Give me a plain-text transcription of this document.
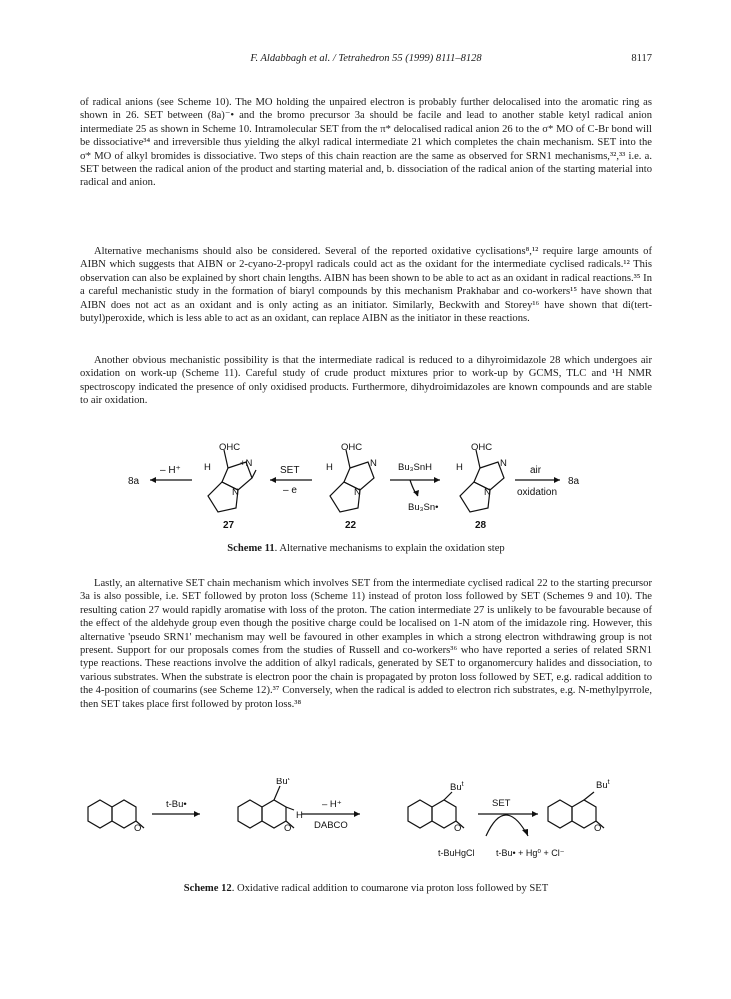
F. Aldabbagh et al. / Tetrahedron 55 (1999) 8111–8128	8117

of radical anions (see Scheme 10). The MO holding the unpaired electron is probably further delocalised into the aromatic ring as shown in 26. SET between (8a)⁻• and the bromo precursor 3a should be facile and lead to another stable ketyl radical anion intermediate 25 as shown in Scheme 10. Intramolecular SET from the π* delocalised radical anion 26 to the σ* MO of C-Br bond will be dissociative³⁴ and irreversible thus yielding the alkyl radical intermediate 21 which completes the chain mechanism. SET into the σ* MO of alkyl bromides is dissociative. Two steps of this chain reaction are the same as observed for SRN1 mechanisms,³²,³³ i.e. a. SET between the radical anion of the product and starting material and, b. dissociation of the radical anion of the starting material into radical and anion.

Alternative mechanisms should also be considered. Several of the reported oxidative cyclisations⁸,¹² require large amounts of AIBN which suggests that AIBN or 2-cyano-2-propyl radicals could act as the oxidant for the intermediate cyclised radicals.¹² This observation can also be explained by short chain lengths. AIBN has been shown to be able to act as an oxidant in radical reactions.³⁵ In a careful mechanistic study in the formation of biaryl compounds by this mechanism Prakhabar and co-workers¹⁵ have shown that AIBN does not act as an oxidant and is only acting as an initiator. Similarly, Beckwith and Storey¹⁶ have shown that di(tert-butyl)peroxide, which is less able to act as an oxidant, can replace AIBN as the initiator in these reactions.

Another obvious mechanistic possibility is that the intermediate radical is reduced to a dihyroimidazole 28 which undergoes air oxidation on work-up (Scheme 11). Careful study of crude product mixtures prior to work-up by GCMS, TLC and ¹H NMR spectroscopy indicated the presence of only oxidised products. Furthermore, dihydroimidazoles are known compounds and are stable to air oxidation.

8a
– H⁺
OHC
H	+N
N
27
SET
– e
OHC
H	N
N
22
Bu₃SnH
Bu₃Sn•
OHC
H	N
N
28
air
oxidation
8a
Scheme 11. Alternative mechanisms to explain the oxidation step

Lastly, an alternative SET chain mechanism which involves SET from the intermediate cyclised radical 22 to the starting precursor 3a is also possible, i.e. SET followed by proton loss (Scheme 11) instead of proton loss followed by SET (Schemes 9 and 10). The resulting cation 27 would rapidly aromatise with loss of the proton. The cation intermediate 27 is unlikely to be favourable because of the effect of the aldehyde group even though the positive charge could be localised on 1-N atom of the imidazole ring. However, this alternative 'pseudo SRN1' mechanism may well be favoured in other examples in which a strong electron withdrawing group is not present. Support for our proposals comes from the studies of Russell and co-workers³⁶ who have reported a series of related SRN1 type reactions. These reactions involve the addition of alkyl radicals, generated by SET to organomercury halides and dissociation, to various substrates. When the substrate is electron poor the chain is propagated by proton loss followed by SET, e.g. radical addition to the 4-position of coumarins (see Scheme 12).³⁷ Conversely, when the radical is added to electron rich substrates, e.g. N-methylpyrrole, then SET takes place first followed by proton loss.³⁸

t-Bu•
O
Bu$^t$
H
O
– H⁺
DABCO
Bu$^t$
O
SET
Bu$^t$
O
t-BuHgCl t-Bu• + Hg⁰ + Cl⁻
Scheme 12. Oxidative radical addition to coumarone via proton loss followed by SET
